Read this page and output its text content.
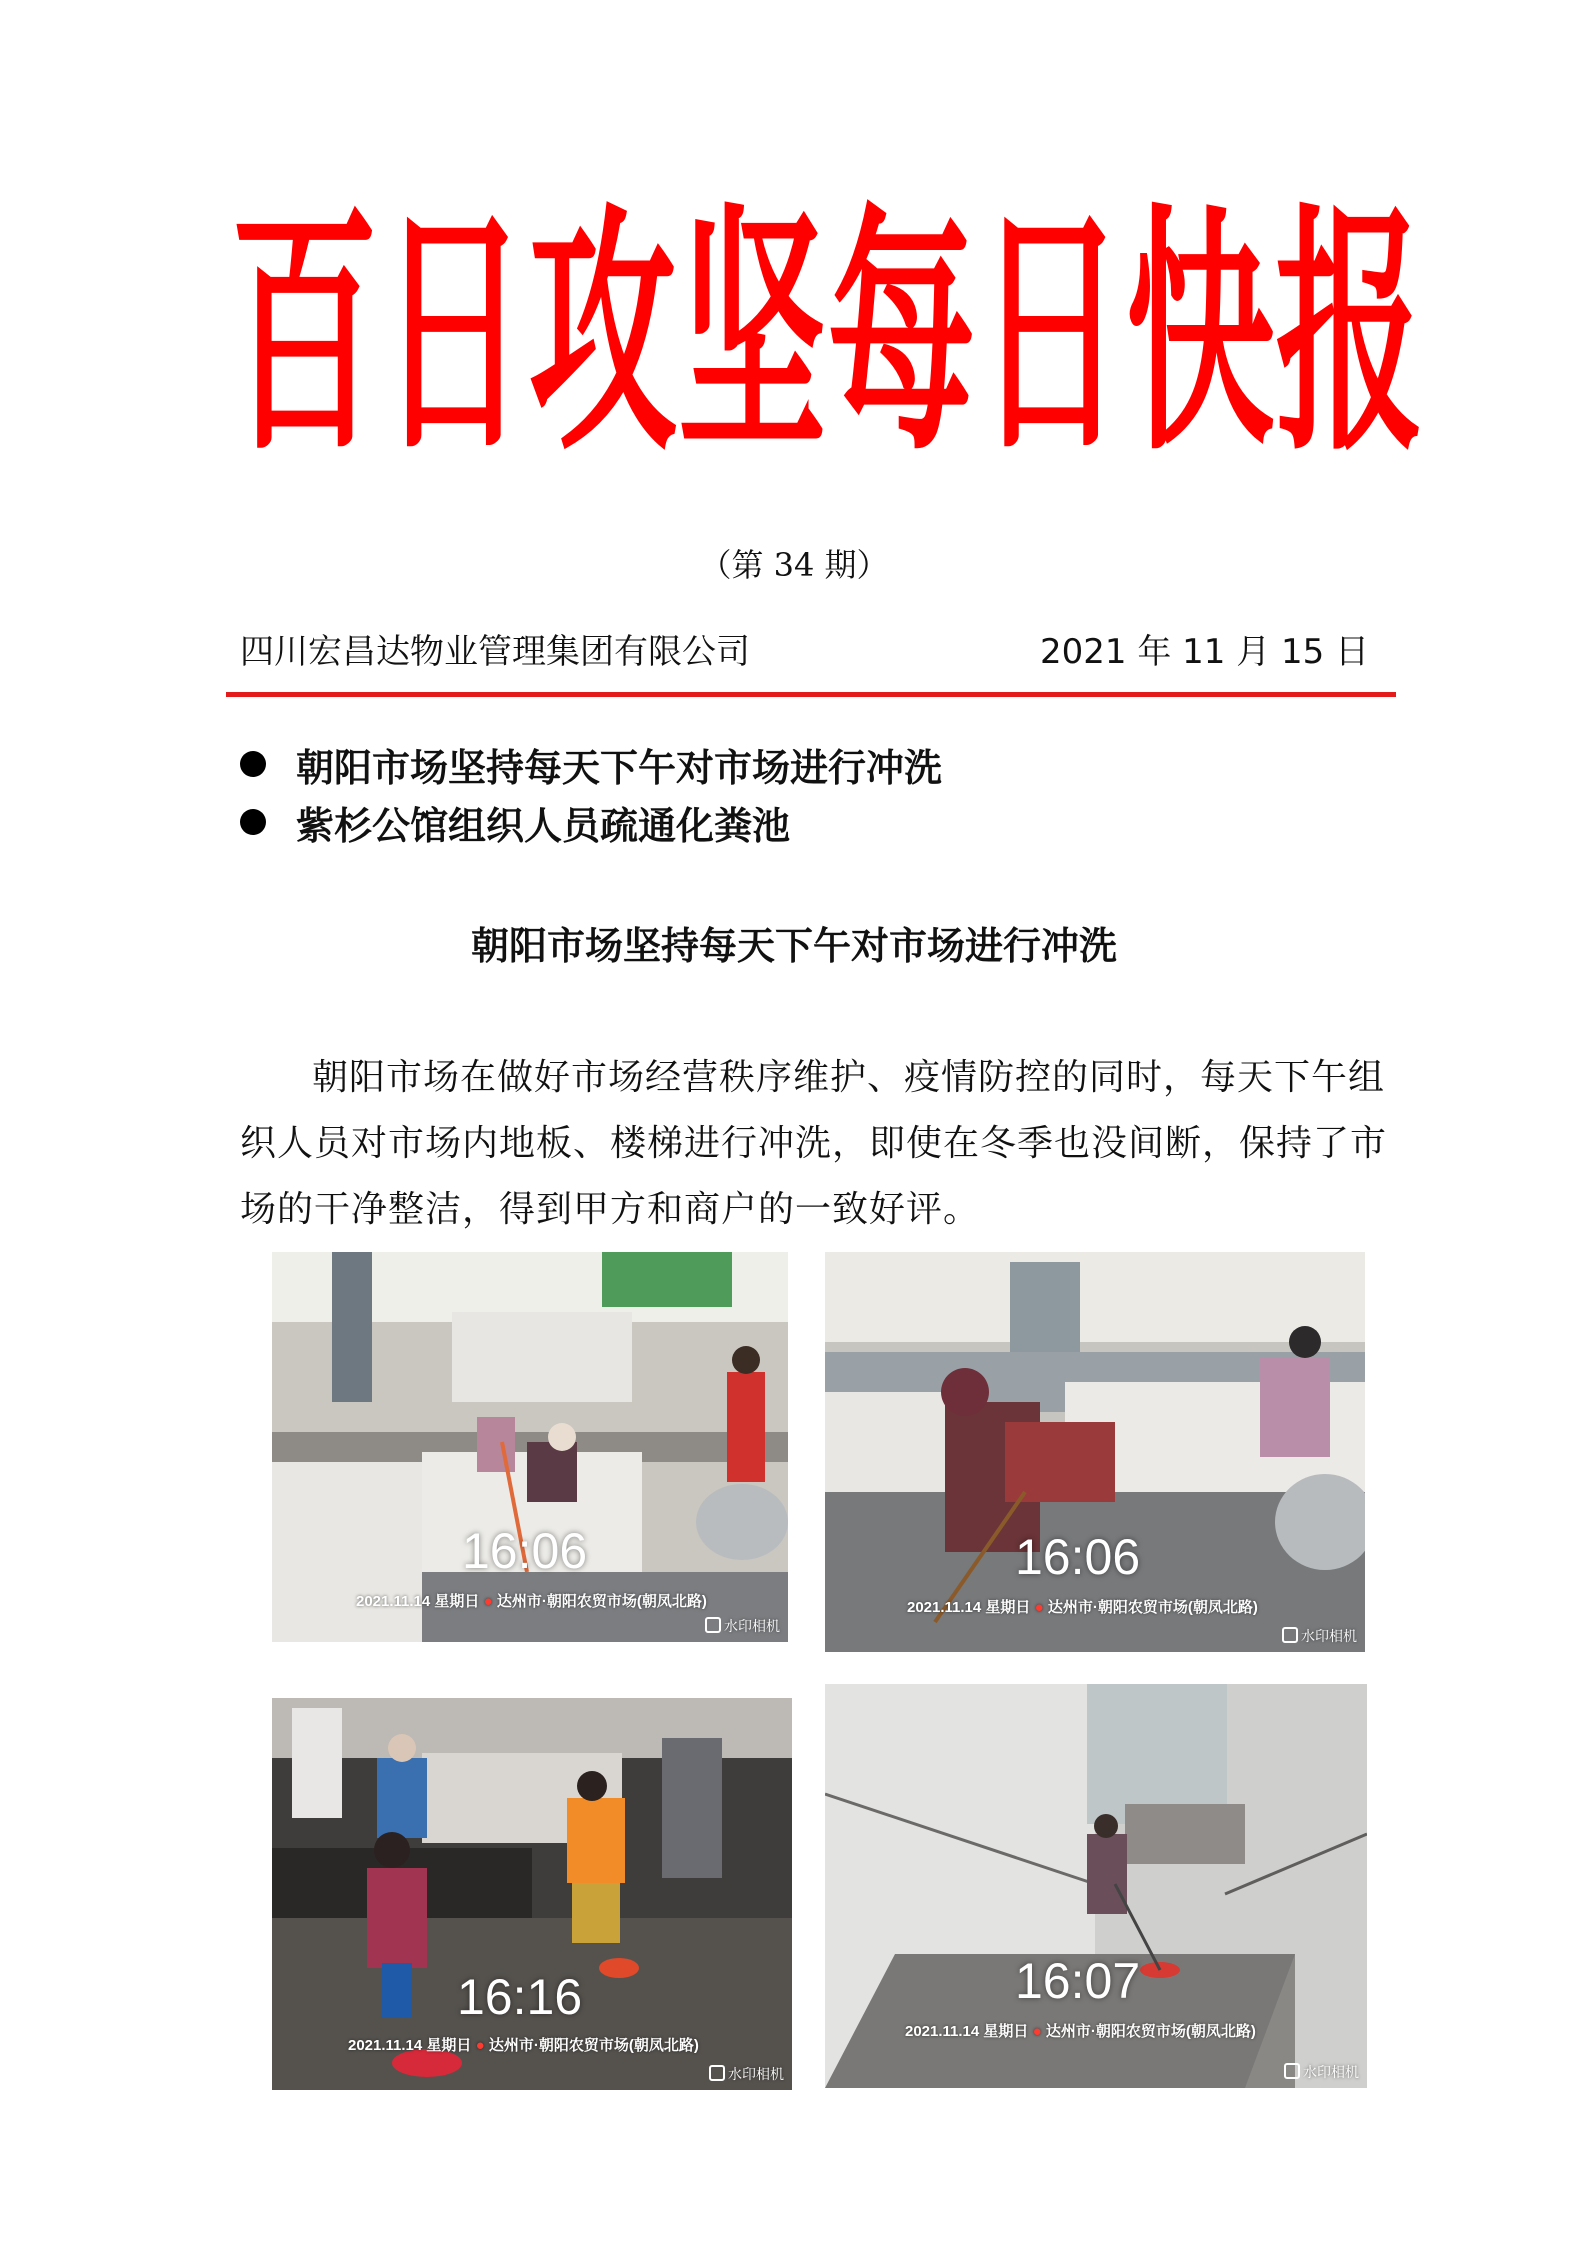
百日攻坚每日快报
（第 34 期）
四川宏昌达物业管理集团有限公司	2021 年 11 月 15 日
朝阳市场坚持每天下午对市场进行冲洗
紫杉公馆组织人员疏通化粪池
朝阳市场坚持每天下午对市场进行冲洗

朝阳市场在做好市场经营秩序维护、疫情防控的同时，每天下午组织人员对市场内地板、楼梯进行冲洗，即使在冬季也没间断，保持了市场的干净整洁，得到甲方和商户的一致好评。

16:06
2021.11.14 星期日 ● 达州市·朝阳农贸市场(朝凤北路)
水印相机
16:06
2021.11.14 星期日 ● 达州市·朝阳农贸市场(朝凤北路)
水印相机
16:16
2021.11.14 星期日 ● 达州市·朝阳农贸市场(朝凤北路)
水印相机
16:07
2021.11.14 星期日 ● 达州市·朝阳农贸市场(朝凤北路)
水印相机
